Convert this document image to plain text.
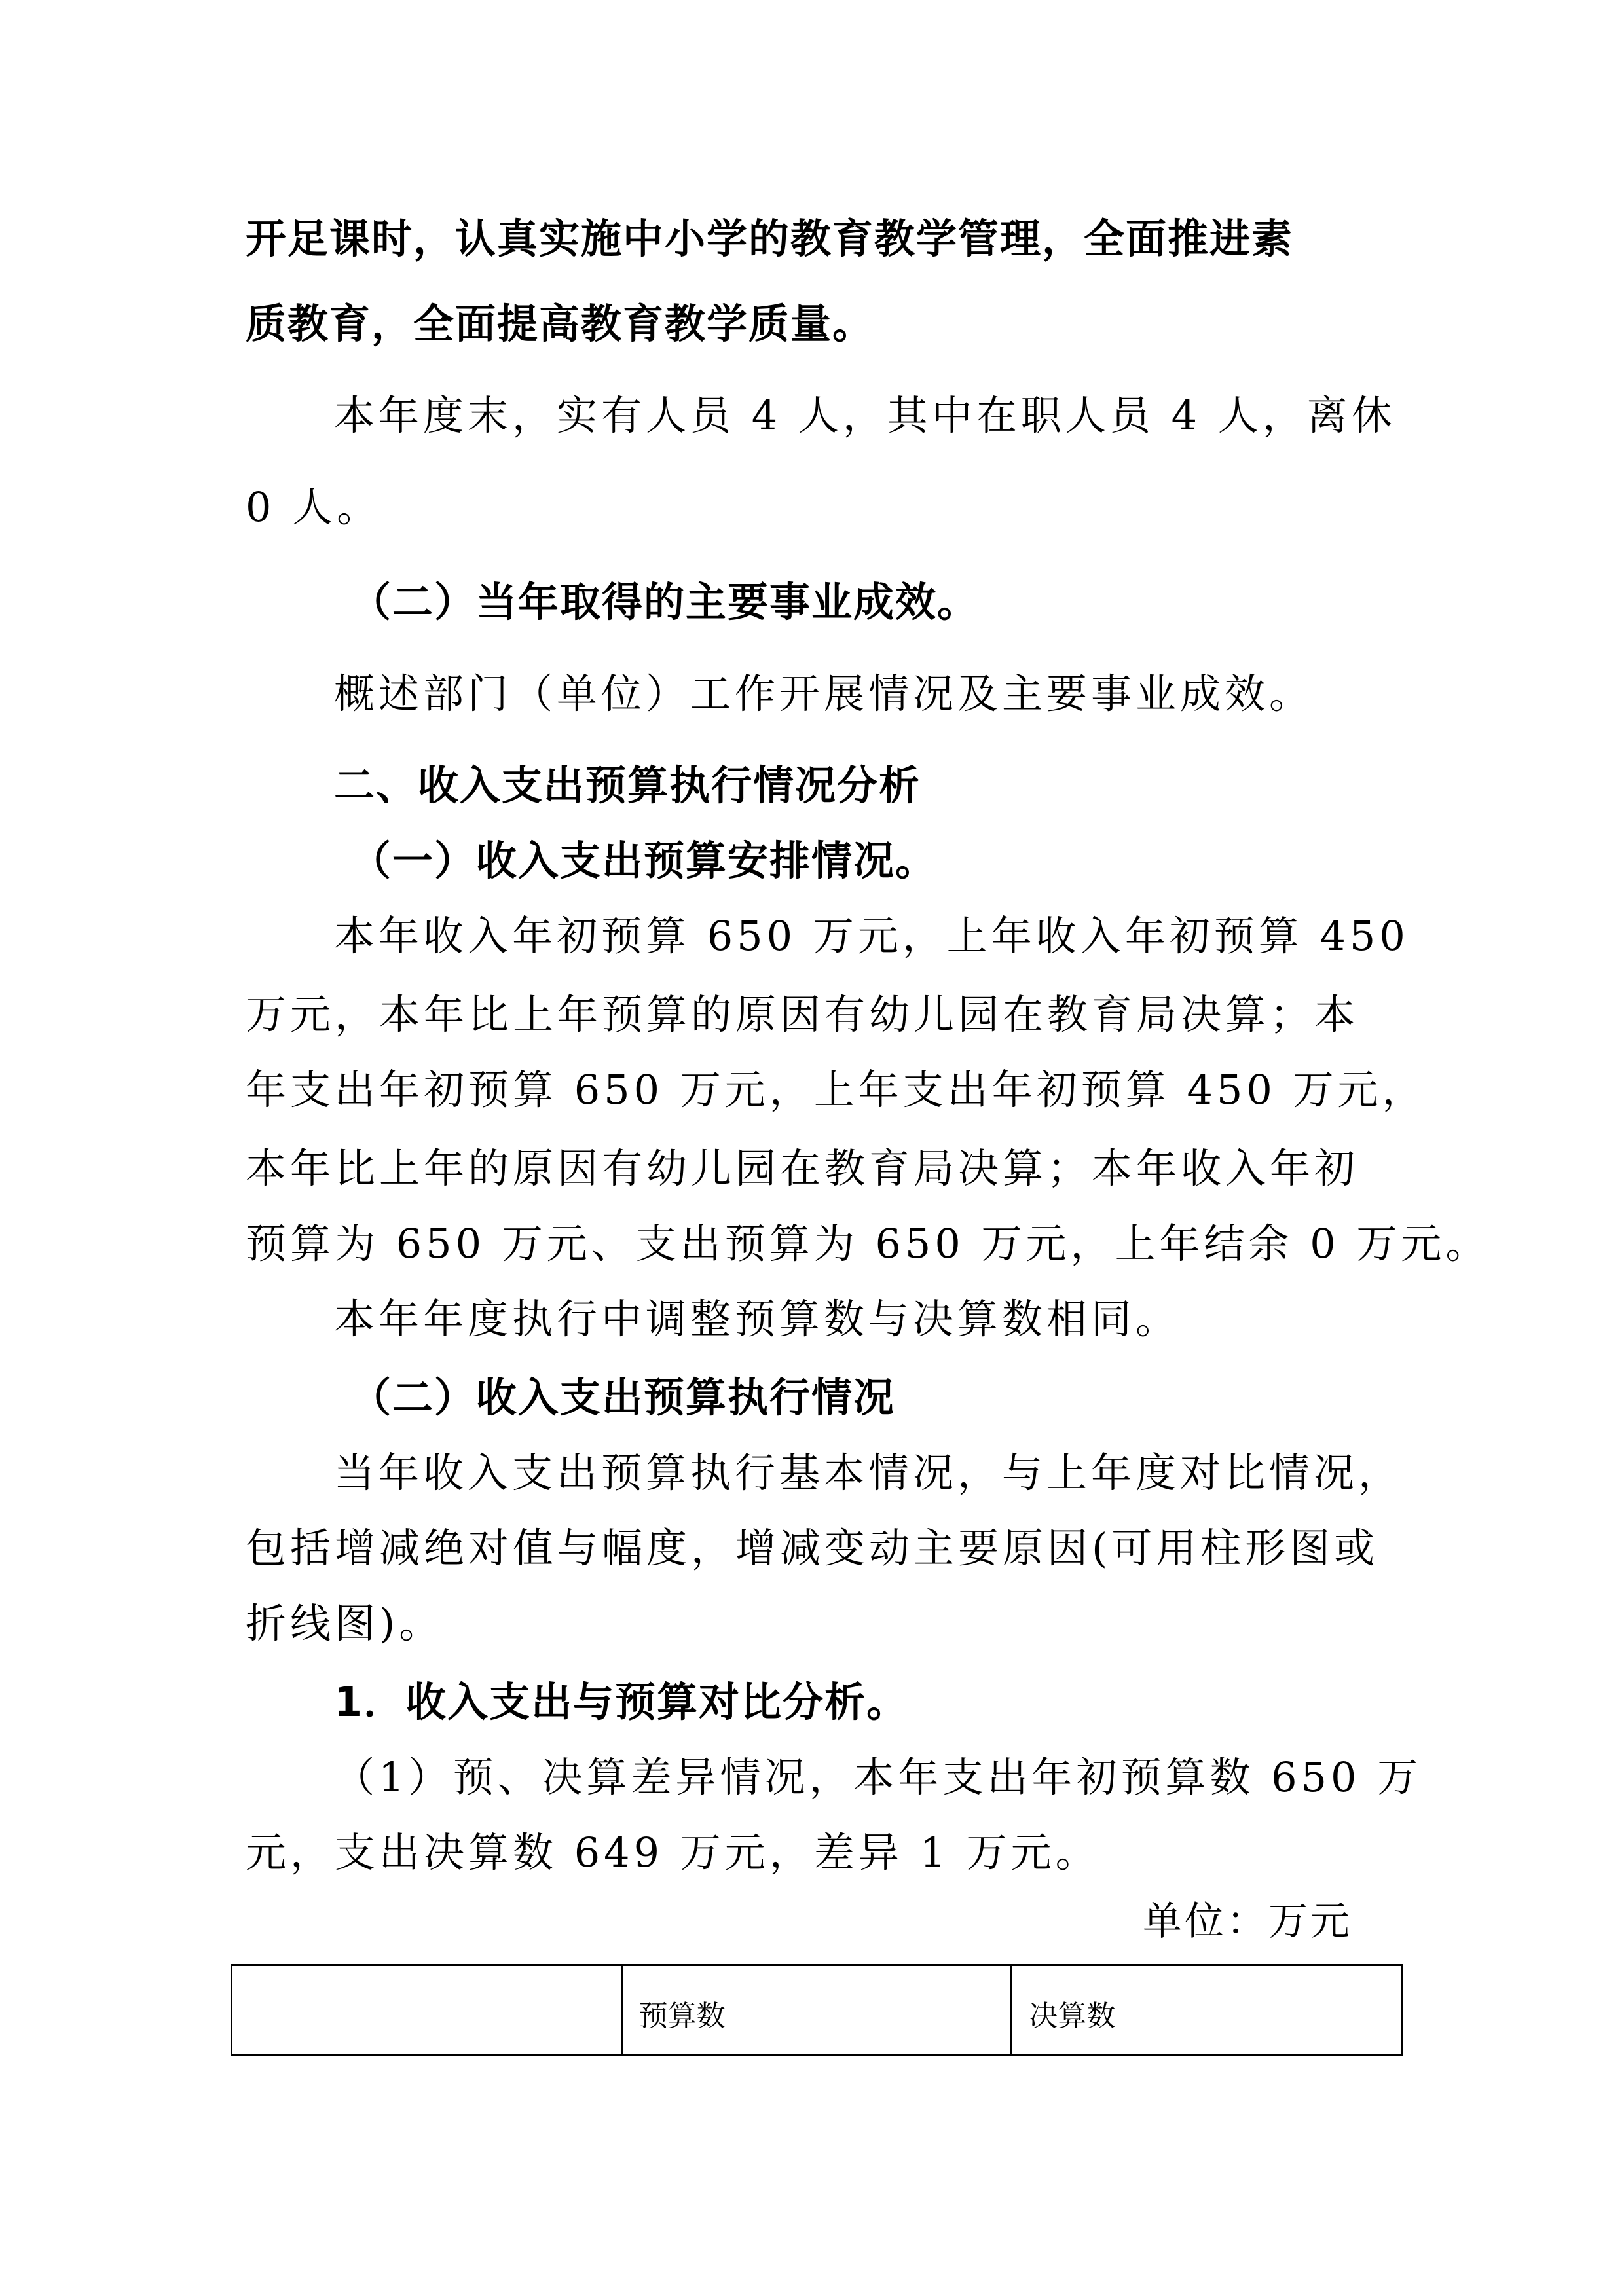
开足课时，认真实施中小学的教育教学管理，全面推进素

质教育，全面提高教育教学质量。

本年度末，实有人员 4 人，其中在职人员 4 人，离休

0 人。

（二）当年取得的主要事业成效。

概述部门（单位）工作开展情况及主要事业成效。

二、收入支出预算执行情况分析

（一）收入支出预算安排情况。

本年收入年初预算 650 万元，上年收入年初预算 450

万元，本年比上年预算的原因有幼儿园在教育局决算；本

年支出年初预算 650 万元，上年支出年初预算 450 万元，

本年比上年的原因有幼儿园在教育局决算；本年收入年初

预算为 650 万元、支出预算为 650 万元，上年结余 0 万元。

本年年度执行中调整预算数与决算数相同。

（二）收入支出预算执行情况

当年收入支出预算执行基本情况，与上年度对比情况，

包括增减绝对值与幅度，增减变动主要原因(可用柱形图或

折线图)。

1．收入支出与预算对比分析。

（1）预、决算差异情况，本年支出年初预算数 650 万

元，支出决算数 649 万元，差异 1 万元。

单位：万元
	预算数	决算数
